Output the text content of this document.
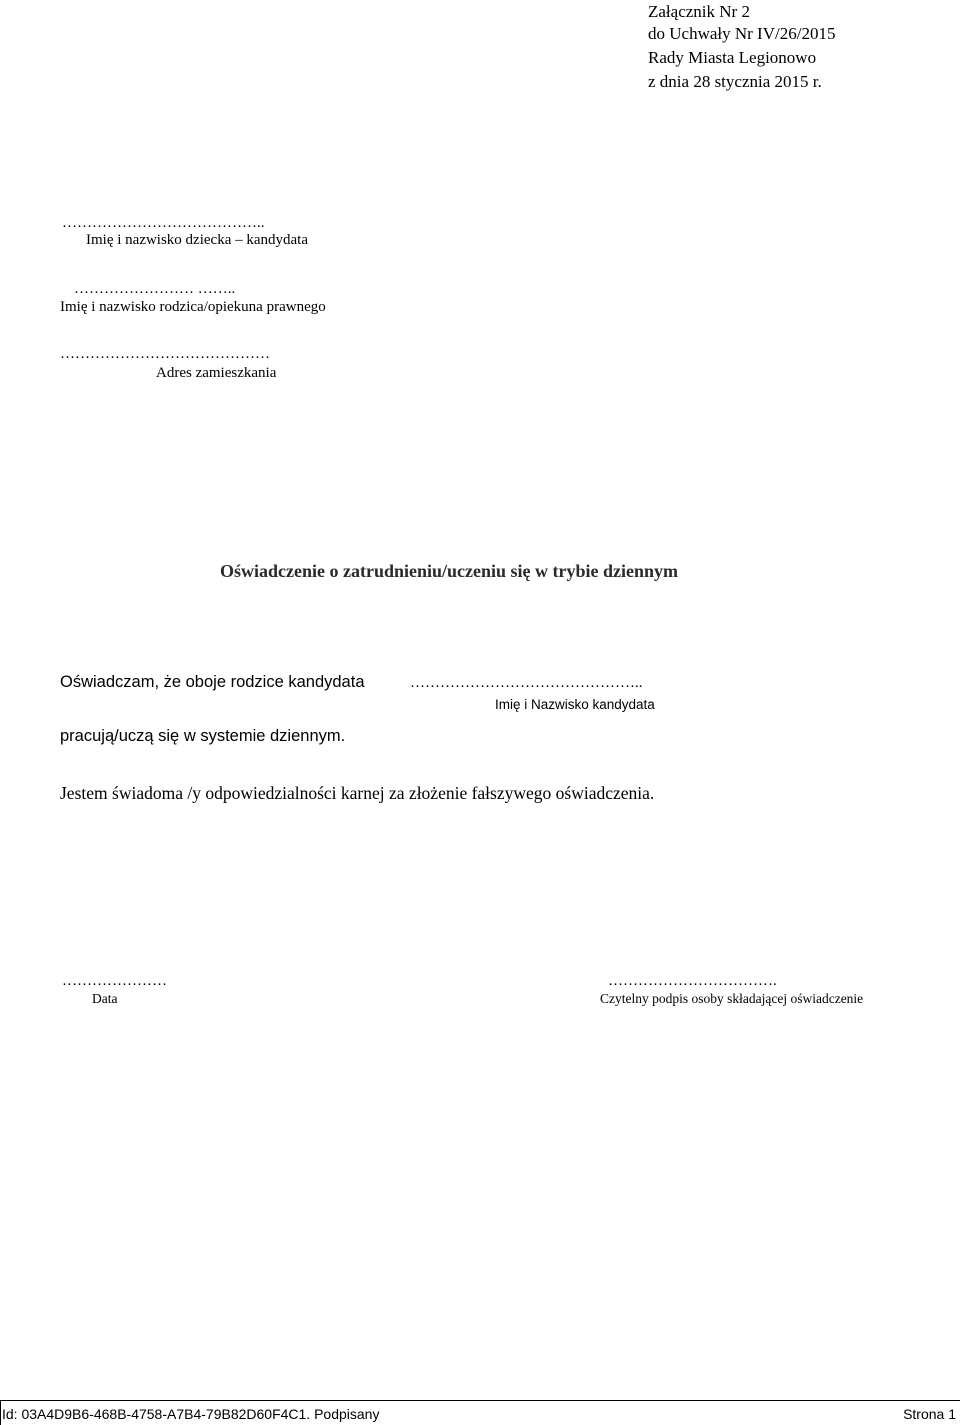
Załącznik Nr 2
do Uchwały Nr IV/26/2015
Rady Miasta Legionowo
z dnia 28 stycznia 2015 r.
…………………………………..
Imię i nazwisko dziecka – kandydata
…………………… ……..
Imię i nazwisko rodzica/opiekuna prawnego
……………………………………
Adres zamieszkania
Oświadczenie o zatrudnieniu/uczeniu się w trybie dziennym
Oświadczam, że oboje rodzice kandydata	………………………………………..
Imię i Nazwisko kandydata
pracują/uczą się w systemie dziennym.
Jestem świadoma /y odpowiedzialności karnej za złożenie fałszywego oświadczenia.
…………………
Data
…………………………….
Czytelny podpis osoby składającej oświadczenie
Id: 03A4D9B6-468B-4758-A7B4-79B82D60F4C1. Podpisany	Strona 1
